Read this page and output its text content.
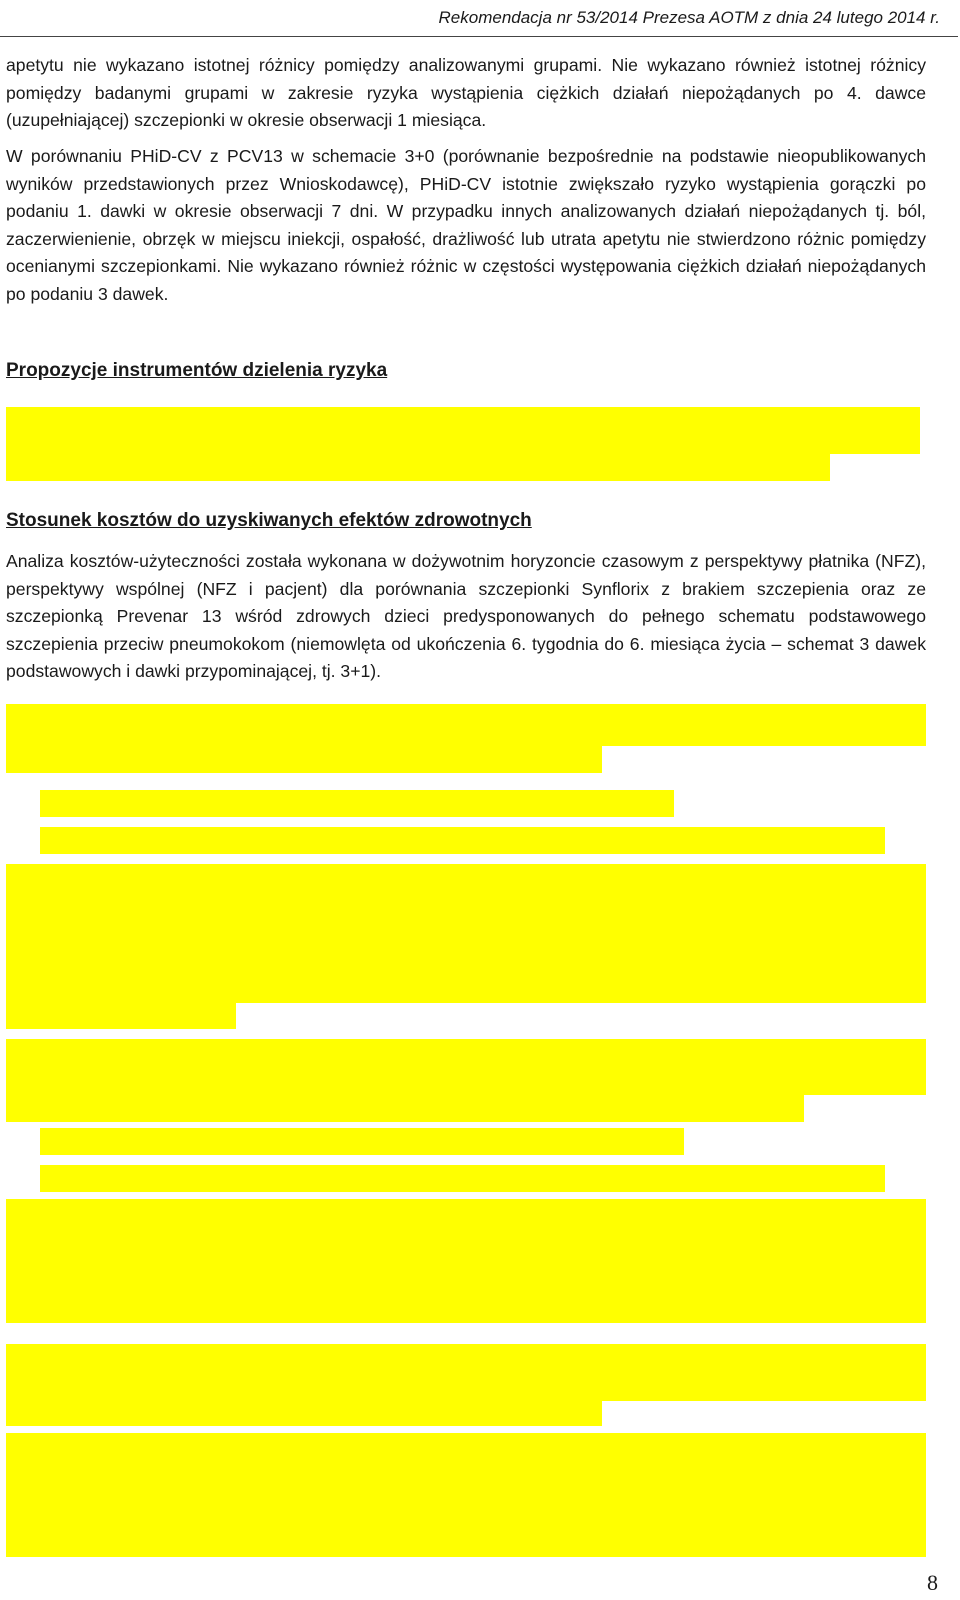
Rekomendacja nr 53/2014 Prezesa AOTM z dnia 24 lutego 2014 r.

apetytu nie wykazano istotnej różnicy pomiędzy analizowanymi grupami. Nie wykazano również istotnej różnicy pomiędzy badanymi grupami w zakresie ryzyka wystąpienia ciężkich działań niepożądanych po 4. dawce (uzupełniającej) szczepionki w okresie obserwacji 1 miesiąca.

W porównaniu PHiD-CV z PCV13 w schemacie 3+0 (porównanie bezpośrednie na podstawie nieopublikowanych wyników przedstawionych przez Wnioskodawcę), PHiD-CV istotnie zwiększało ryzyko wystąpienia gorączki po podaniu 1. dawki w okresie obserwacji 7 dni. W przypadku innych analizowanych działań niepożądanych tj. ból, zaczerwienienie, obrzęk w miejscu iniekcji, ospałość, drażliwość lub utrata apetytu nie stwierdzono różnic pomiędzy ocenianymi szczepionkami. Nie wykazano również różnic w częstości występowania ciężkich działań niepożądanych po podaniu 3 dawek.

Propozycje instrumentów dzielenia ryzyka
Stosunek kosztów do uzyskiwanych efektów zdrowotnych

Analiza kosztów-użyteczności została wykonana w dożywotnim horyzoncie czasowym z perspektywy płatnika (NFZ), perspektywy wspólnej (NFZ i pacjent) dla porównania szczepionki Synflorix z brakiem szczepienia oraz ze szczepionką Prevenar 13 wśród zdrowych dzieci predysponowanych do pełnego schematu podstawowego szczepienia przeciw pneumokokom (niemowlęta od ukończenia 6. tygodnia do 6. miesiąca życia – schemat 3 dawek podstawowych i dawki przypominającej, tj. 3+1).

8
